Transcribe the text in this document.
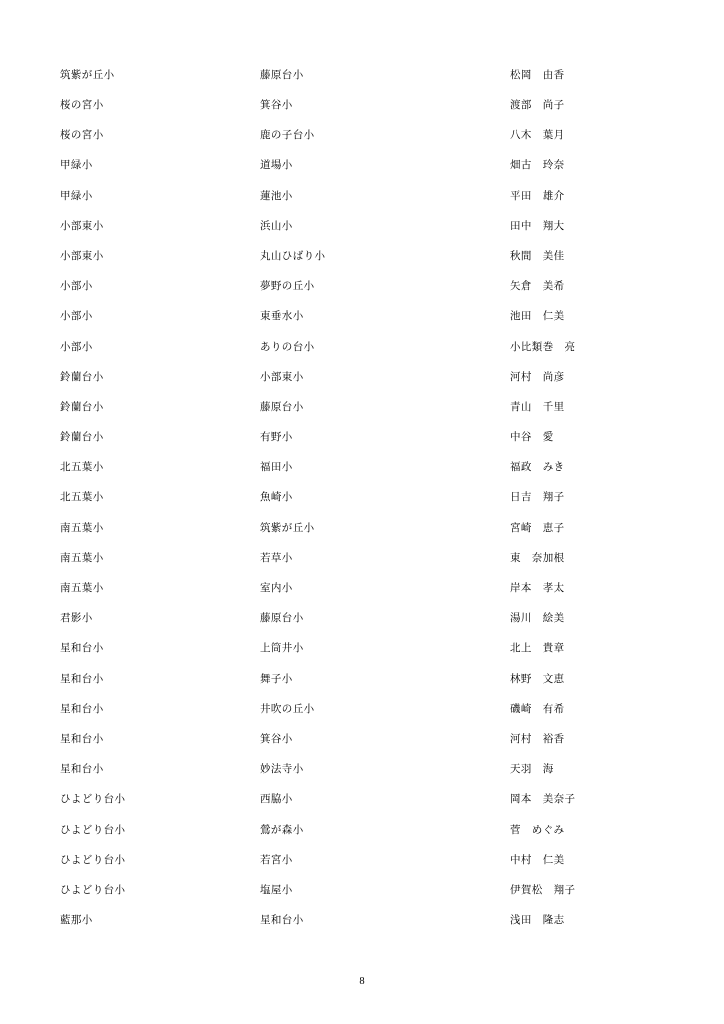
筑紫が丘小	藤原台小	松岡　由香
桜の宮小	箕谷小	渡部　尚子
桜の宮小	鹿の子台小	八木　葉月
甲緑小	道場小	畑古　玲奈
甲緑小	蓮池小	平田　雄介
小部東小	浜山小	田中　翔大
小部東小	丸山ひばり小	秋間　美佳
小部小	夢野の丘小	矢倉　美希
小部小	東垂水小	池田　仁美
小部小	ありの台小	小比類巻　亮
鈴蘭台小	小部東小	河村　尚彦
鈴蘭台小	藤原台小	青山　千里
鈴蘭台小	有野小	中谷　愛
北五葉小	福田小	福政　みき
北五葉小	魚崎小	日吉　翔子
南五葉小	筑紫が丘小	宮崎　恵子
南五葉小	若草小	東　奈加根
南五葉小	室内小	岸本　孝太
君影小	藤原台小	湯川　絵美
星和台小	上筒井小	北上　貴章
星和台小	舞子小	林野　文恵
星和台小	井吹の丘小	磯崎　有希
星和台小	箕谷小	河村　裕香
星和台小	妙法寺小	天羽　海
ひよどり台小	西脇小	岡本　美奈子
ひよどり台小	鶯が森小	菅　めぐみ
ひよどり台小	若宮小	中村　仁美
ひよどり台小	塩屋小	伊賀松　翔子
藍那小	星和台小	浅田　隆志
8
